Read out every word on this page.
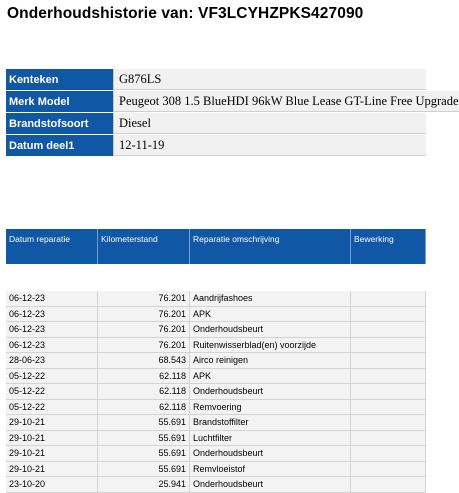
Onderhoudshistorie van: VF3LCYHZPKS427090
Kenteken	G876LS
Merk Model	Peugeot 308 1.5 BlueHDI 96kW Blue Lease GT-Line Free Upgrade
Brandstofsoort	Diesel
Datum deel1	12-11-19
Datum reparatie	Kilometerstand	Reparatie omschrijving	Bewerking
06-12-23	76.201 Aandrijfashoes
06-12-23	76.201 APK
06-12-23	76.201 Onderhoudsbeurt
06-12-23	76.201 Ruitenwisserblad(en) voorzijde
28-06-23	68.543 Airco reinigen
05-12-22	62.118 APK
05-12-22	62.118 Onderhoudsbeurt
05-12-22	62.118 Remvoering
29-10-21	55.691 Brandstoffilter
29-10-21	55.691 Luchtfilter
29-10-21	55.691 Onderhoudsbeurt
29-10-21	55.691 Remvloeistof
23-10-20	25.941 Onderhoudsbeurt
